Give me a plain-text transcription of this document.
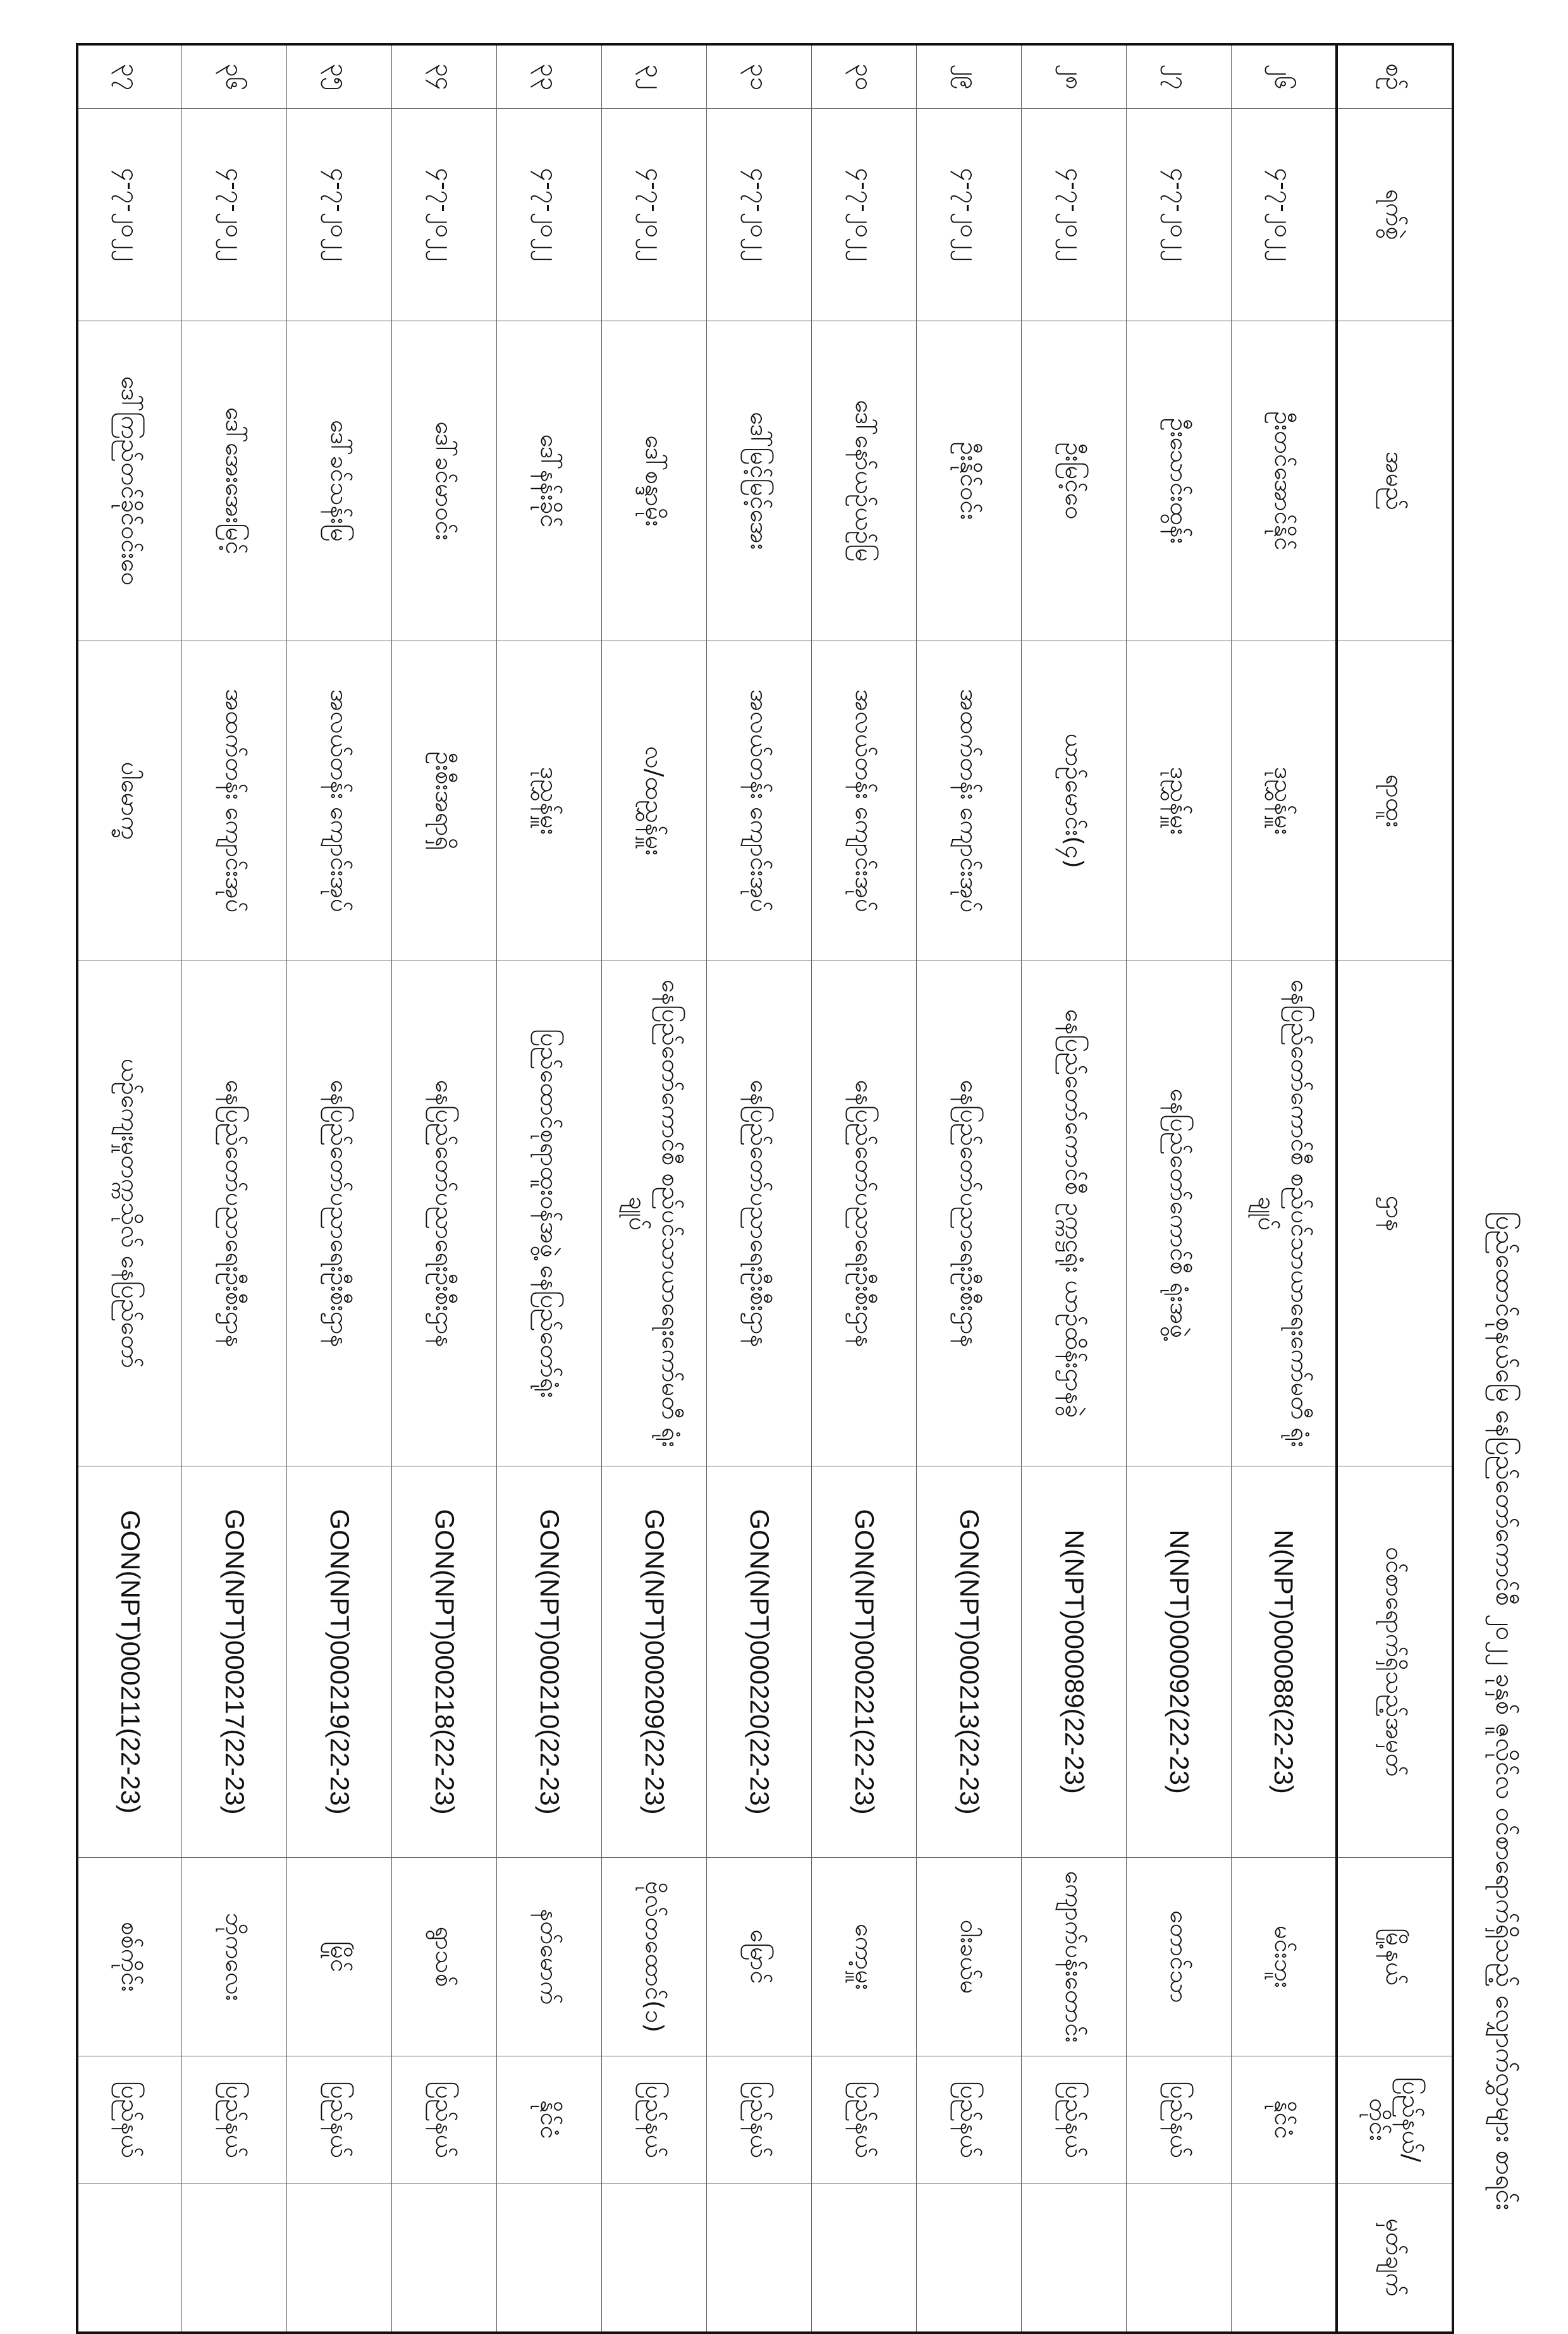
ပြည်ထောင်စုနယ်မြေ နေပြည်တော်ကောင်စီ ၂၀၂၂ ခုနှစ် ဇူလိုင်လ ဝင်စာရောက်ရှိသည့် လျှောက်လွှာများ စာရင်း
စဉ်	ရက်စွဲ	အမည်	ရာထူး	ဌာန	ဝင်စာရောက်ရှိသည့်အမှတ်	မြို့နယ်	ပြည်နယ်/ တိုင်း	မှတ်ချက်
၂၆	၄-၇-၂၀၂၂	ဦးတင်အောင်နိုင်	ဒုညွှန်မှူး	နေပြည်တော်ကောင်စီ စည်ပင်သာယာရေးကော်မတီ ရုံးချုပ်	N(NPT)000088(22-23)	မင်းဘူး	နိုင်ငံ	
၂၇	၄-၇-၂၀၂၂	ဦးသောင်းထွန်း	ဒုညွှန်မှူး	နေပြည်တော်ကောင်စီ ရုံးအဖွဲ့	N(NPT)000092(22-23)	တောင်သာ	ပြည်နယ်	
၂၈	၄-၇-၂၀၂၂	ဦးမြင့်ဝေ	ယာဉ်မောင်း(၄)	နေပြည်တော်ကောင်စီ ဥက္ကဋ္ဌရုံး ယာဉ်ထိန်းဌာနခွဲ	N(NPT)000089(22-23)	ကျောက်ပန်းတောင်း	ပြည်နယ်	
၂၉	၄-၇-၂၀၂၂	ဦးနိုင်ဝင်း	အထက်တန်း ကျောင်းအုပ်	နေပြည်တော်ပညာရေးဦးစီးဌာန	GON(NPT)000213(22-23)	ဝါးခယ်မ	ပြည်နယ်	
၃၀	၄-၇-၂၀၂၂	ဒေါ်နော်ယဉ်ယဉ်မြ	အလယ်တန်း ကျောင်းအုပ်	နေပြည်တော်ပညာရေးဦးစီးဌာန	GON(NPT)000221(22-23)	ကော့မှူး	ပြည်နယ်	
၃၁	၄-၇-၂၀၂၂	ဒေါ်မြင့်မြင့်အေး	အလယ်တန်း ကျောင်းအုပ်	နေပြည်တော်ပညာရေးဦးစီးဌာန	GON(NPT)000220(22-23)	မြောင်	ပြည်နယ်	
၃၂	၄-၇-၂၀၂၂	ဒေါ်စန္ဒာမိုး	လ/ထညွှန်မှူး	နေပြည်တော်ကောင်စီ စည်ပင်သာယာရေးကော်မတီ ရုံးချုပ်	GON(NPT)000209(22-23)	ဗိုလ်တထောင်(၁)	ပြည်နယ်	
၃၃	၄-၇-၂၀၂၂	ဒေါ်နန်းခိုင်	ဒုညွှန်မှူး	ပြည်ထောင်စုရာထူးဝန်အဖွဲ့ နေပြည်တော်ရုံး	GON(NPT)000210(22-23)	နတ်မောက်	နိုင်ငံ	
၃၄	၄-၇-၂၀၂၂	ဒေါ်ခင်မာဝင်း	ဦးစီးအရာရှိ	နေပြည်တော်ပညာရေးဦးစီးဌာန	GON(NPT)000218(22-23)	ရွာသစ်	ပြည်နယ်	
၃၅	၄-၇-၂၀၂၂	ဒေါ်ခင်သန်းမြ	အလယ်တန်း ကျောင်းအုပ်	နေပြည်တော်ပညာရေးဦးစီးဌာန	GON(NPT)000219(22-23)	မြိုင်	ပြည်နယ်	
၃၆	၄-၇-၂၀၂၂	ဒေါ်အေးအေးမြင့်	အထက်တန်း ကျောင်းအုပ်	နေပြည်တော်ပညာရေးဦးစီးဌာန	GON(NPT)000217(22-23)	ဘိုကလေး	ပြည်နယ်	
၃၇	၄-၇-၂၀၂၂	ဒေါ်ကြည်တင်ခိုင်ဝင်းဝေ	ပါမောက္ခ	ယဉ်ကျေးမှုတက္ကသိုလ် နေပြည်တော်	GON(NPT)000211(22-23)	စစ်ကိုင်း	ပြည်နယ်	
